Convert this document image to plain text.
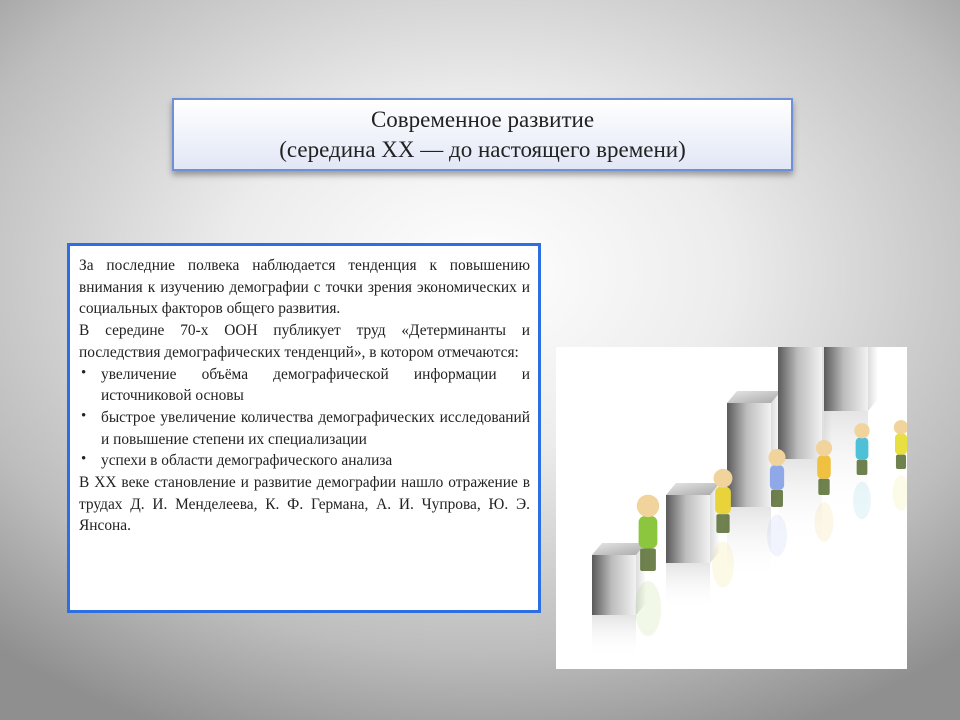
Современное развитие
(середина XX — до настоящего времени)

За последние полвека наблюдается тенденция к повышению внимания к изучению демографии с точки зрения экономических и социальных факторов общего развития.

В середине 70-х ООН публикует труд «Детерминанты и последствия демографических тенденций», в котором отмечаются:

• увеличение объёма демографической информации и источниковой основы
• быстрое увеличение количества демографических исследований и повышение степени их специализации
• успехи в области демографического анализа

В XX веке становление и развитие демографии нашло отражение в трудах Д. И. Менделеева, К. Ф. Германа, А. И. Чупрова, Ю. Э. Янсона.
